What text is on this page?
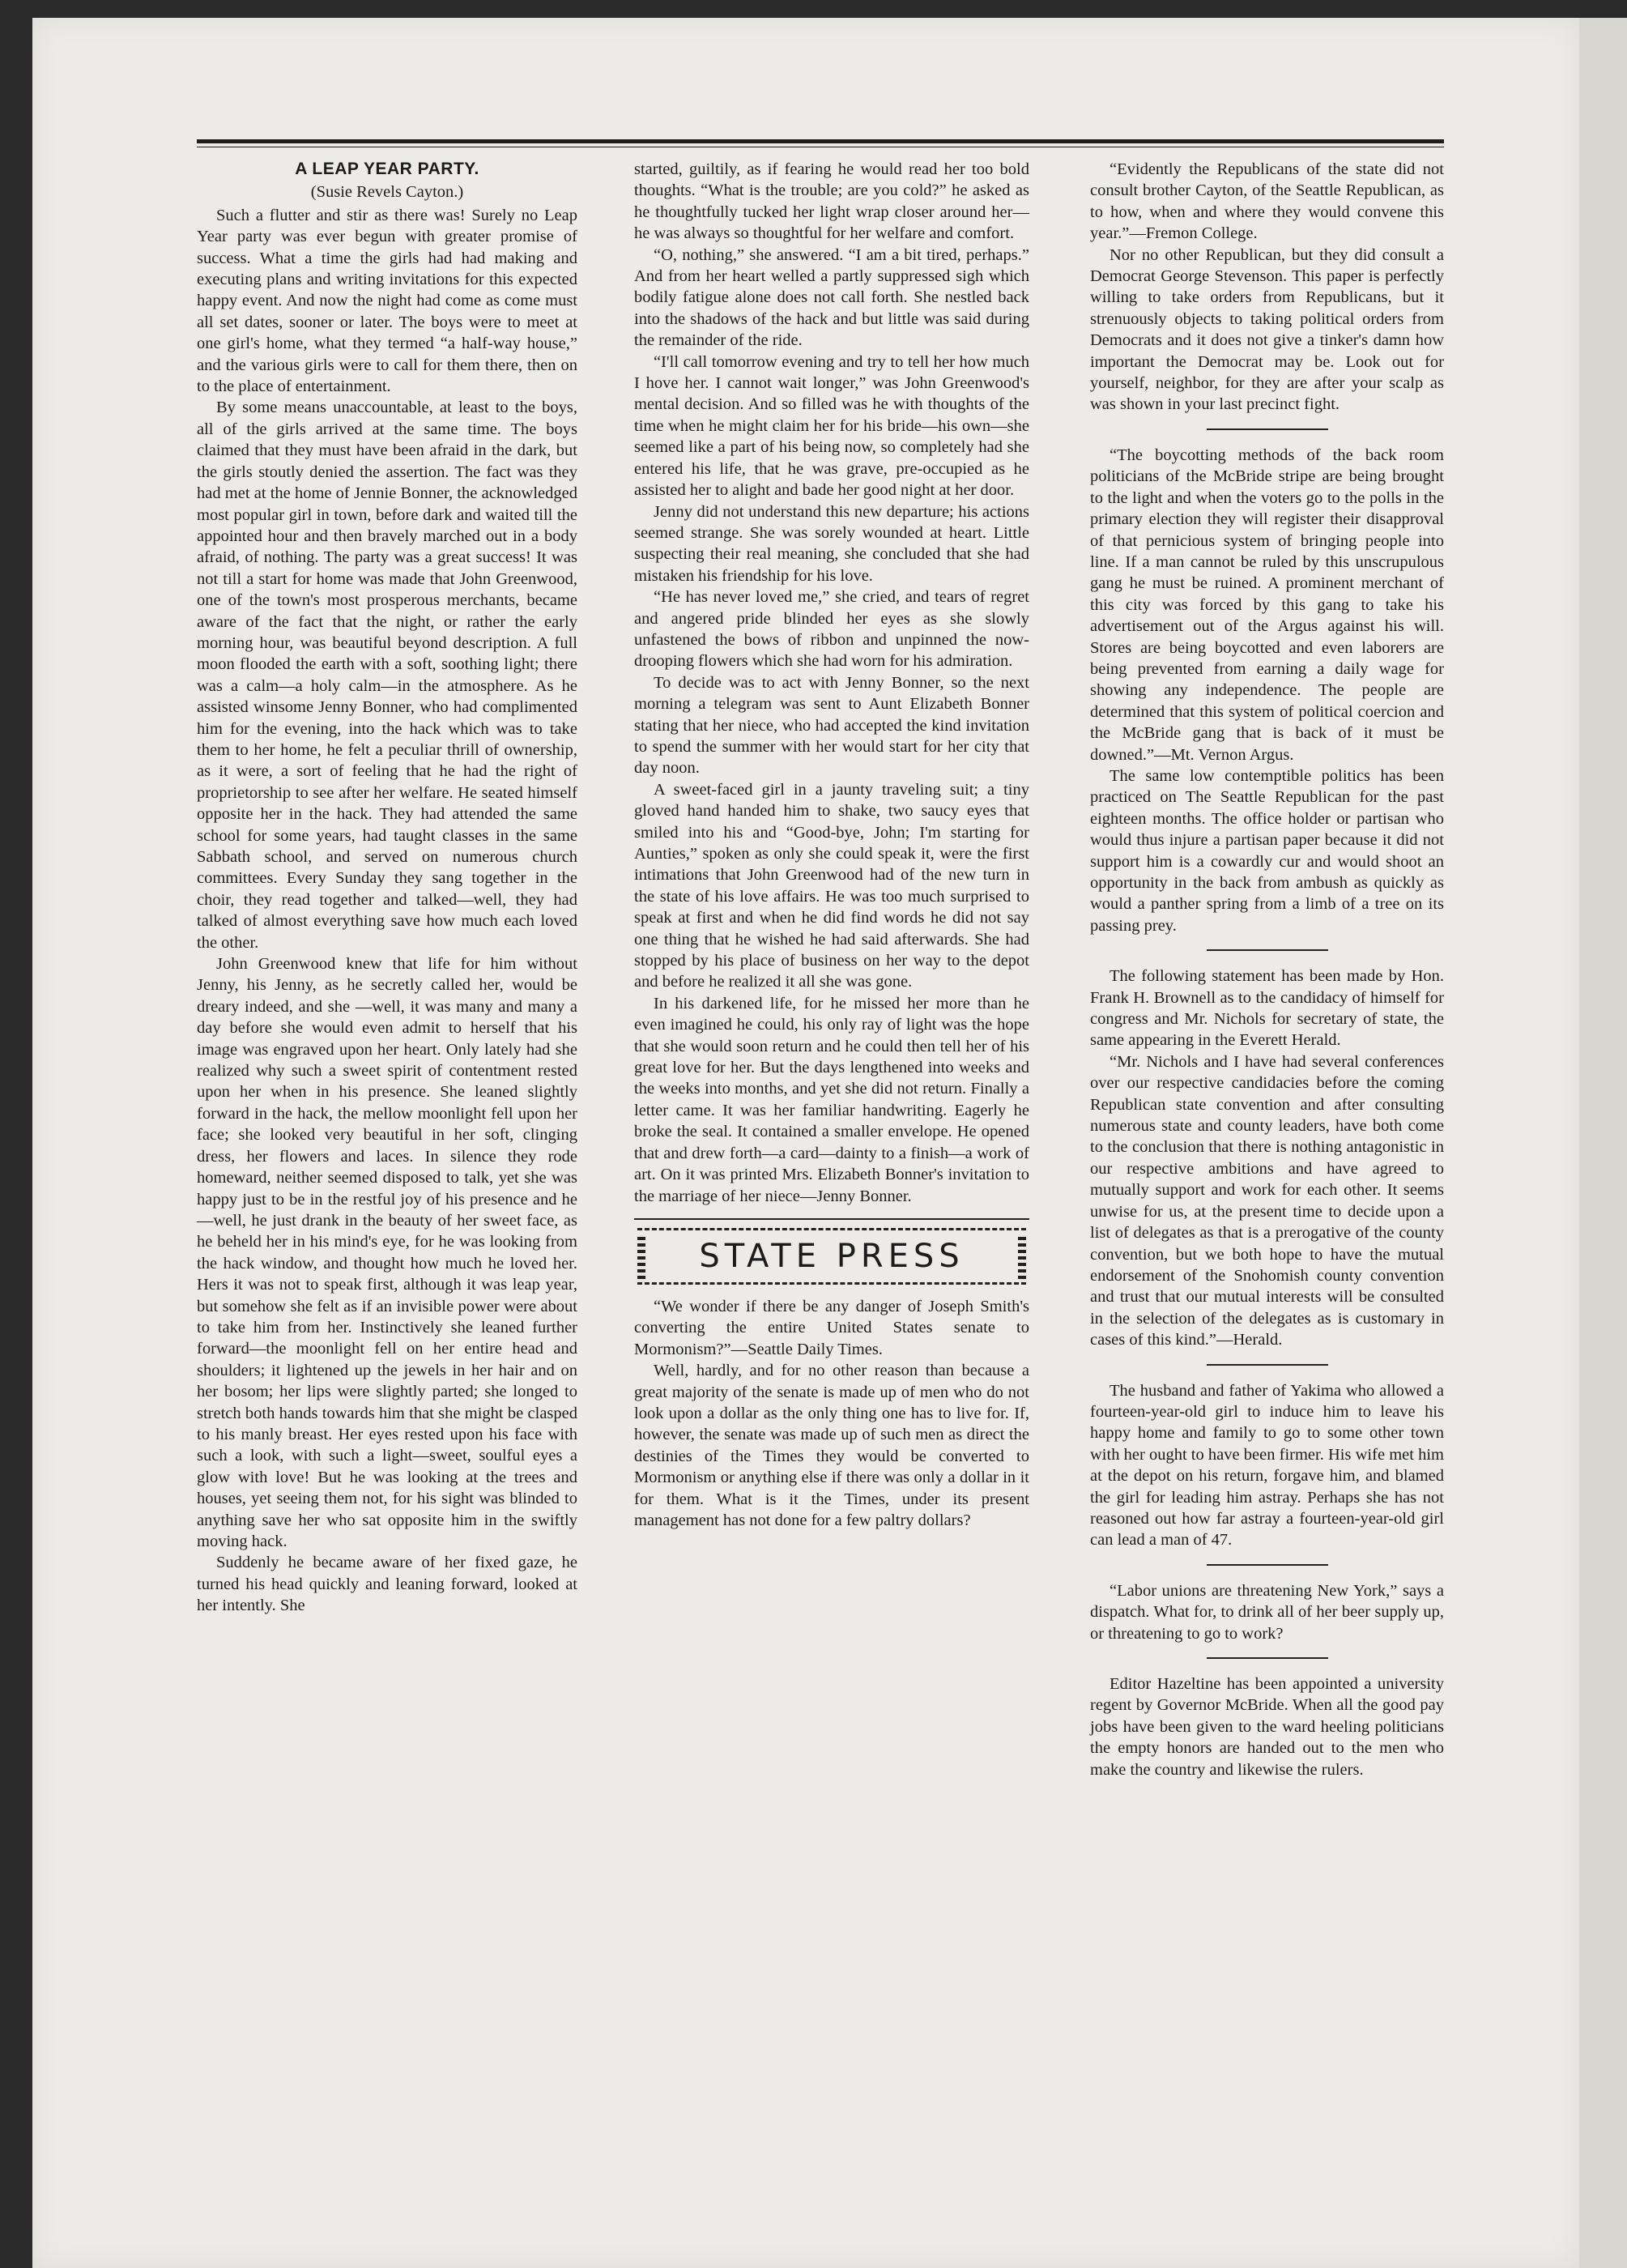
A LEAP YEAR PARTY.
(Susie Revels Cayton.)

Such a flutter and stir as there was! Surely no Leap Year party was ever begun with greater promise of success. What a time the girls had had making and executing plans and writing invitations for this expected happy event. And now the night had come as come must all set dates, sooner or later. The boys were to meet at one girl's home, what they termed “a half-way house,” and the various girls were to call for them there, then on to the place of entertainment.

By some means unaccountable, at least to the boys, all of the girls arrived at the same time. The boys claimed that they must have been afraid in the dark, but the girls stoutly denied the assertion. The fact was they had met at the home of Jennie Bonner, the acknowledged most popular girl in town, before dark and waited till the appointed hour and then bravely marched out in a body afraid, of nothing. The party was a great success! It was not till a start for home was made that John Greenwood, one of the town's most prosperous merchants, became aware of the fact that the night, or rather the early morning hour, was beautiful beyond description. A full moon flooded the earth with a soft, soothing light; there was a calm—a holy calm—in the atmosphere. As he assisted winsome Jenny Bonner, who had complimented him for the evening, into the hack which was to take them to her home, he felt a peculiar thrill of ownership, as it were, a sort of feeling that he had the right of proprietorship to see after her welfare. He seated himself opposite her in the hack. They had attended the same school for some years, had taught classes in the same Sabbath school, and served on numerous church committees. Every Sunday they sang together in the choir, they read together and talked—well, they had talked of almost everything save how much each loved the other.

John Greenwood knew that life for him without Jenny, his Jenny, as he secretly called her, would be dreary indeed, and she —well, it was many and many a day before she would even admit to herself that his image was engraved upon her heart. Only lately had she realized why such a sweet spirit of contentment rested upon her when in his presence. She leaned slightly forward in the hack, the mellow moonlight fell upon her face; she looked very beautiful in her soft, clinging dress, her flowers and laces. In silence they rode homeward, neither seemed disposed to talk, yet she was happy just to be in the restful joy of his presence and he—well, he just drank in the beauty of her sweet face, as he beheld her in his mind's eye, for he was looking from the hack window, and thought how much he loved her. Hers it was not to speak first, although it was leap year, but somehow she felt as if an invisible power were about to take him from her. Instinctively she leaned further forward—the moonlight fell on her entire head and shoulders; it lightened up the jewels in her hair and on her bosom; her lips were slightly parted; she longed to stretch both hands towards him that she might be clasped to his manly breast. Her eyes rested upon his face with such a look, with such a light—sweet, soulful eyes a glow with love! But he was looking at the trees and houses, yet seeing them not, for his sight was blinded to anything save her who sat opposite him in the swiftly moving hack.

Suddenly he became aware of her fixed gaze, he turned his head quickly and leaning forward, looked at her intently. She

started, guiltily, as if fearing he would read her too bold thoughts. “What is the trouble; are you cold?” he asked as he thoughtfully tucked her light wrap closer around her—he was always so thoughtful for her welfare and comfort.

“O, nothing,” she answered. “I am a bit tired, perhaps.” And from her heart welled a partly suppressed sigh which bodily fatigue alone does not call forth. She nestled back into the shadows of the hack and but little was said during the remainder of the ride.

“I'll call tomorrow evening and try to tell her how much I hove her. I cannot wait longer,” was John Greenwood's mental decision. And so filled was he with thoughts of the time when he might claim her for his bride—his own—she seemed like a part of his being now, so completely had she entered his life, that he was grave, pre-occupied as he assisted her to alight and bade her good night at her door.

Jenny did not understand this new departure; his actions seemed strange. She was sorely wounded at heart. Little suspecting their real meaning, she concluded that she had mistaken his friendship for his love.

“He has never loved me,” she cried, and tears of regret and angered pride blinded her eyes as she slowly unfastened the bows of ribbon and unpinned the now-drooping flowers which she had worn for his admiration.

To decide was to act with Jenny Bonner, so the next morning a telegram was sent to Aunt Elizabeth Bonner stating that her niece, who had accepted the kind invitation to spend the summer with her would start for her city that day noon.

A sweet-faced girl in a jaunty traveling suit; a tiny gloved hand handed him to shake, two saucy eyes that smiled into his and “Good-bye, John; I'm starting for Aunties,” spoken as only she could speak it, were the first intimations that John Greenwood had of the new turn in the state of his love affairs. He was too much surprised to speak at first and when he did find words he did not say one thing that he wished he had said afterwards. She had stopped by his place of business on her way to the depot and before he realized it all she was gone.

In his darkened life, for he missed her more than he even imagined he could, his only ray of light was the hope that she would soon return and he could then tell her of his great love for her. But the days lengthened into weeks and the weeks into months, and yet she did not return. Finally a letter came. It was her familiar handwriting. Eagerly he broke the seal. It contained a smaller envelope. He opened that and drew forth—a card—dainty to a finish—a work of art. On it was printed Mrs. Elizabeth Bonner's invitation to the marriage of her niece—Jenny Bonner.

STATE PRESS

“We wonder if there be any danger of Joseph Smith's converting the entire United States senate to Mormonism?”—Seattle Daily Times.

Well, hardly, and for no other reason than because a great majority of the senate is made up of men who do not look upon a dollar as the only thing one has to live for. If, however, the senate was made up of such men as direct the destinies of the Times they would be converted to Mormonism or anything else if there was only a dollar in it for them. What is it the Times, under its present management has not done for a few paltry dollars?

“Evidently the Republicans of the state did not consult brother Cayton, of the Seattle Republican, as to how, when and where they would convene this year.”—Fremon College.

Nor no other Republican, but they did consult a Democrat George Stevenson. This paper is perfectly willing to take orders from Republicans, but it strenuously objects to taking political orders from Democrats and it does not give a tinker's damn how important the Democrat may be. Look out for yourself, neighbor, for they are after your scalp as was shown in your last precinct fight.

“The boycotting methods of the back room politicians of the McBride stripe are being brought to the light and when the voters go to the polls in the primary election they will register their disapproval of that pernicious system of bringing people into line. If a man cannot be ruled by this unscrupulous gang he must be ruined. A prominent merchant of this city was forced by this gang to take his advertisement out of the Argus against his will. Stores are being boycotted and even laborers are being prevented from earning a daily wage for showing any independence. The people are determined that this system of political coercion and the McBride gang that is back of it must be downed.”—Mt. Vernon Argus.

The same low contemptible politics has been practiced on The Seattle Republican for the past eighteen months. The office holder or partisan who would thus injure a partisan paper because it did not support him is a cowardly cur and would shoot an opportunity in the back from ambush as quickly as would a panther spring from a limb of a tree on its passing prey.

The following statement has been made by Hon. Frank H. Brownell as to the candidacy of himself for congress and Mr. Nichols for secretary of state, the same appearing in the Everett Herald.

“Mr. Nichols and I have had several conferences over our respective candidacies before the coming Republican state convention and after consulting numerous state and county leaders, have both come to the conclusion that there is nothing antagonistic in our respective ambitions and have agreed to mutually support and work for each other. It seems unwise for us, at the present time to decide upon a list of delegates as that is a prerogative of the county convention, but we both hope to have the mutual endorsement of the Snohomish county convention and trust that our mutual interests will be consulted in the selection of the delegates as is customary in cases of this kind.”—Herald.

The husband and father of Yakima who allowed a fourteen-year-old girl to induce him to leave his happy home and family to go to some other town with her ought to have been firmer. His wife met him at the depot on his return, forgave him, and blamed the girl for leading him astray. Perhaps she has not reasoned out how far astray a fourteen-year-old girl can lead a man of 47.

“Labor unions are threatening New York,” says a dispatch. What for, to drink all of her beer supply up, or threatening to go to work?

Editor Hazeltine has been appointed a university regent by Governor McBride. When all the good pay jobs have been given to the ward heeling politicians the empty honors are handed out to the men who make the country and likewise the rulers.
